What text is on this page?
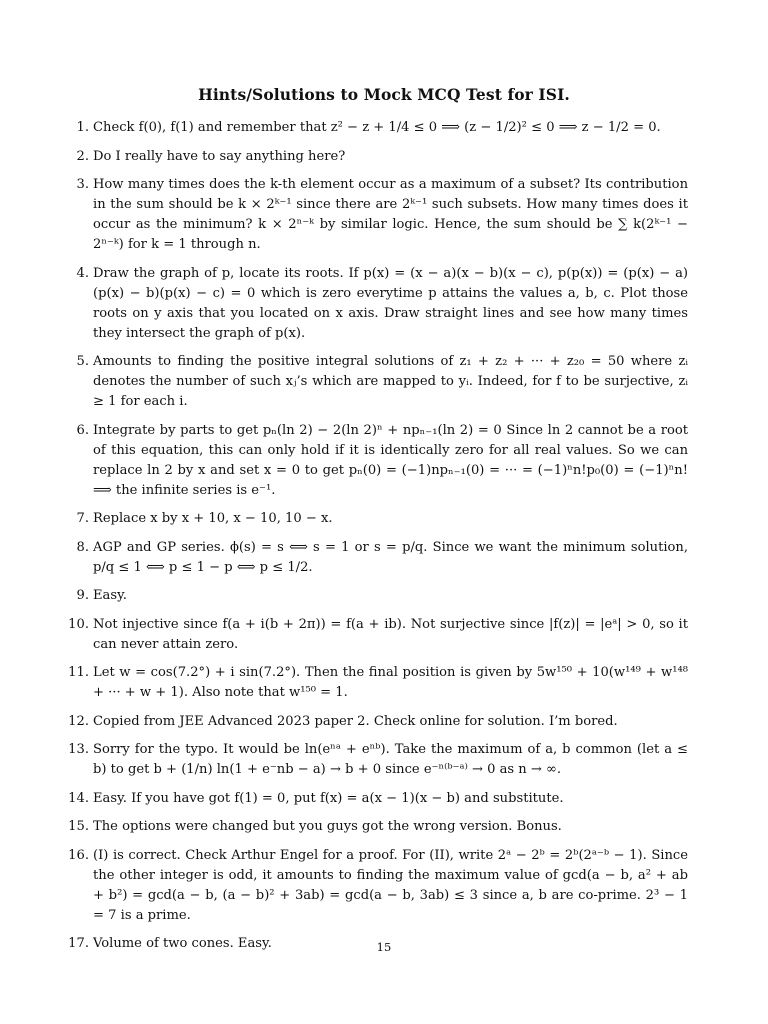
Hints/Solutions to Mock MCQ Test for ISI.
1. Check f(0), f(1) and remember that z² − z + 1/4 ≤ 0 ⟹ (z − 1/2)² ≤ 0 ⟹ z − 1/2 = 0.
2. Do I really have to say anything here?
3. How many times does the k-th element occur as a maximum of a subset? Its contribution in the sum should be k × 2ᵏ⁻¹ since there are 2ᵏ⁻¹ such subsets. How many times does it occur as the minimum? k × 2ⁿ⁻ᵏ by similar logic. Hence, the sum should be ∑ k(2ᵏ⁻¹ − 2ⁿ⁻ᵏ) for k = 1 through n.
4. Draw the graph of p, locate its roots. If p(x) = (x − a)(x − b)(x − c), p(p(x)) = (p(x) − a)(p(x) − b)(p(x) − c) = 0 which is zero everytime p attains the values a, b, c. Plot those roots on y axis that you located on x axis. Draw straight lines and see how many times they intersect the graph of p(x).
5. Amounts to finding the positive integral solutions of z₁ + z₂ + ··· + z₂₀ = 50 where zᵢ denotes the number of such xⱼ’s which are mapped to yᵢ. Indeed, for f to be surjective, zᵢ ≥ 1 for each i.
6. Integrate by parts to get pₙ(ln 2) − 2(ln 2)ⁿ + npₙ₋₁(ln 2) = 0 Since ln 2 cannot be a root of this equation, this can only hold if it is identically zero for all real values. So we can replace ln 2 by x and set x = 0 to get pₙ(0) = (−1)npₙ₋₁(0) = ··· = (−1)ⁿn!p₀(0) = (−1)ⁿn! ⟹ the infinite series is e⁻¹.
7. Replace x by x + 10, x − 10, 10 − x.
8. AGP and GP series. ϕ(s) = s ⟺ s = 1 or s = p/q. Since we want the minimum solution, p/q ≤ 1 ⟺ p ≤ 1 − p ⟺ p ≤ 1/2.
9. Easy.
10. Not injective since f(a + i(b + 2π)) = f(a + ib). Not surjective since |f(z)| = |eᵃ| > 0, so it can never attain zero.
11. Let w = cos(7.2°) + i sin(7.2°). Then the final position is given by 5w¹⁵⁰ + 10(w¹⁴⁹ + w¹⁴⁸ + ··· + w + 1). Also note that w¹⁵⁰ = 1.
12. Copied from JEE Advanced 2023 paper 2. Check online for solution. I’m bored.
13. Sorry for the typo. It would be ln(eⁿᵃ + eⁿᵇ). Take the maximum of a, b common (let a ≤ b) to get b + (1/n) ln(1 + e⁻nb − a) → b + 0 since e⁻ⁿ⁽ᵇ⁻ᵃ⁾ → 0 as n → ∞.
14. Easy. If you have got f(1) = 0, put f(x) = a(x − 1)(x − b) and substitute.
15. The options were changed but you guys got the wrong version. Bonus.
16. (I) is correct. Check Arthur Engel for a proof. For (II), write 2ᵃ − 2ᵇ = 2ᵇ(2ᵃ⁻ᵇ − 1). Since the other integer is odd, it amounts to finding the maximum value of gcd(a − b, a² + ab + b²) = gcd(a − b, (a − b)² + 3ab) = gcd(a − b, 3ab) ≤ 3 since a, b are co-prime. 2³ − 1 = 7 is a prime.
17. Volume of two cones. Easy.	15
